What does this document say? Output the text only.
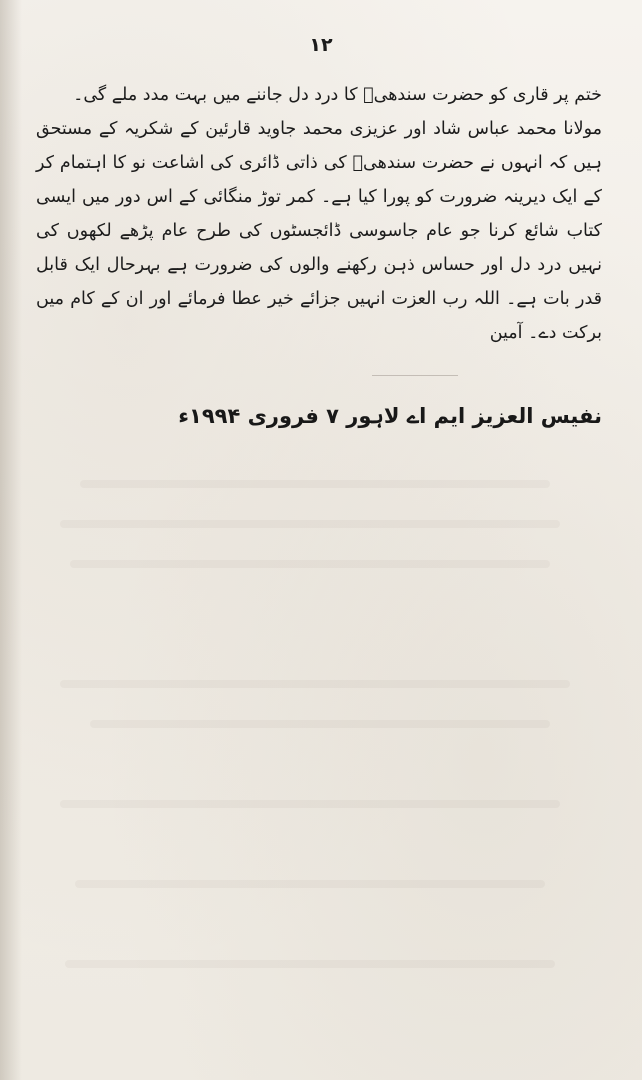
۱۲

ختم پر قاری کو حضرت سندھیؒ کا درد دل جاننے میں بہت مدد ملے گی۔

مولانا محمد عباس شاد اور عزیزی محمد جاوید قارئین کے شکریہ کے مستحق ہیں کہ انہوں نے حضرت سندھیؒ کی ذاتی ڈائری کی اشاعت نو کا اہتمام کر کے ایک دیرینہ ضرورت کو پورا کیا ہے۔ کمر توڑ منگائی کے اس دور میں ایسی کتاب شائع کرنا جو عام جاسوسی ڈائجسٹوں کی طرح عام پڑھے لکھوں کی نہیں درد دل اور حساس ذہن رکھنے والوں کی ضرورت ہے بہرحال ایک قابل قدر بات ہے۔ اللہ رب العزت انہیں جزائے خیر عطا فرمائے اور ان کے کام میں برکت دے۔ آمین

نفیس العزیز ایم اے لاہور ۷ فروری ۱۹۹۴ء
